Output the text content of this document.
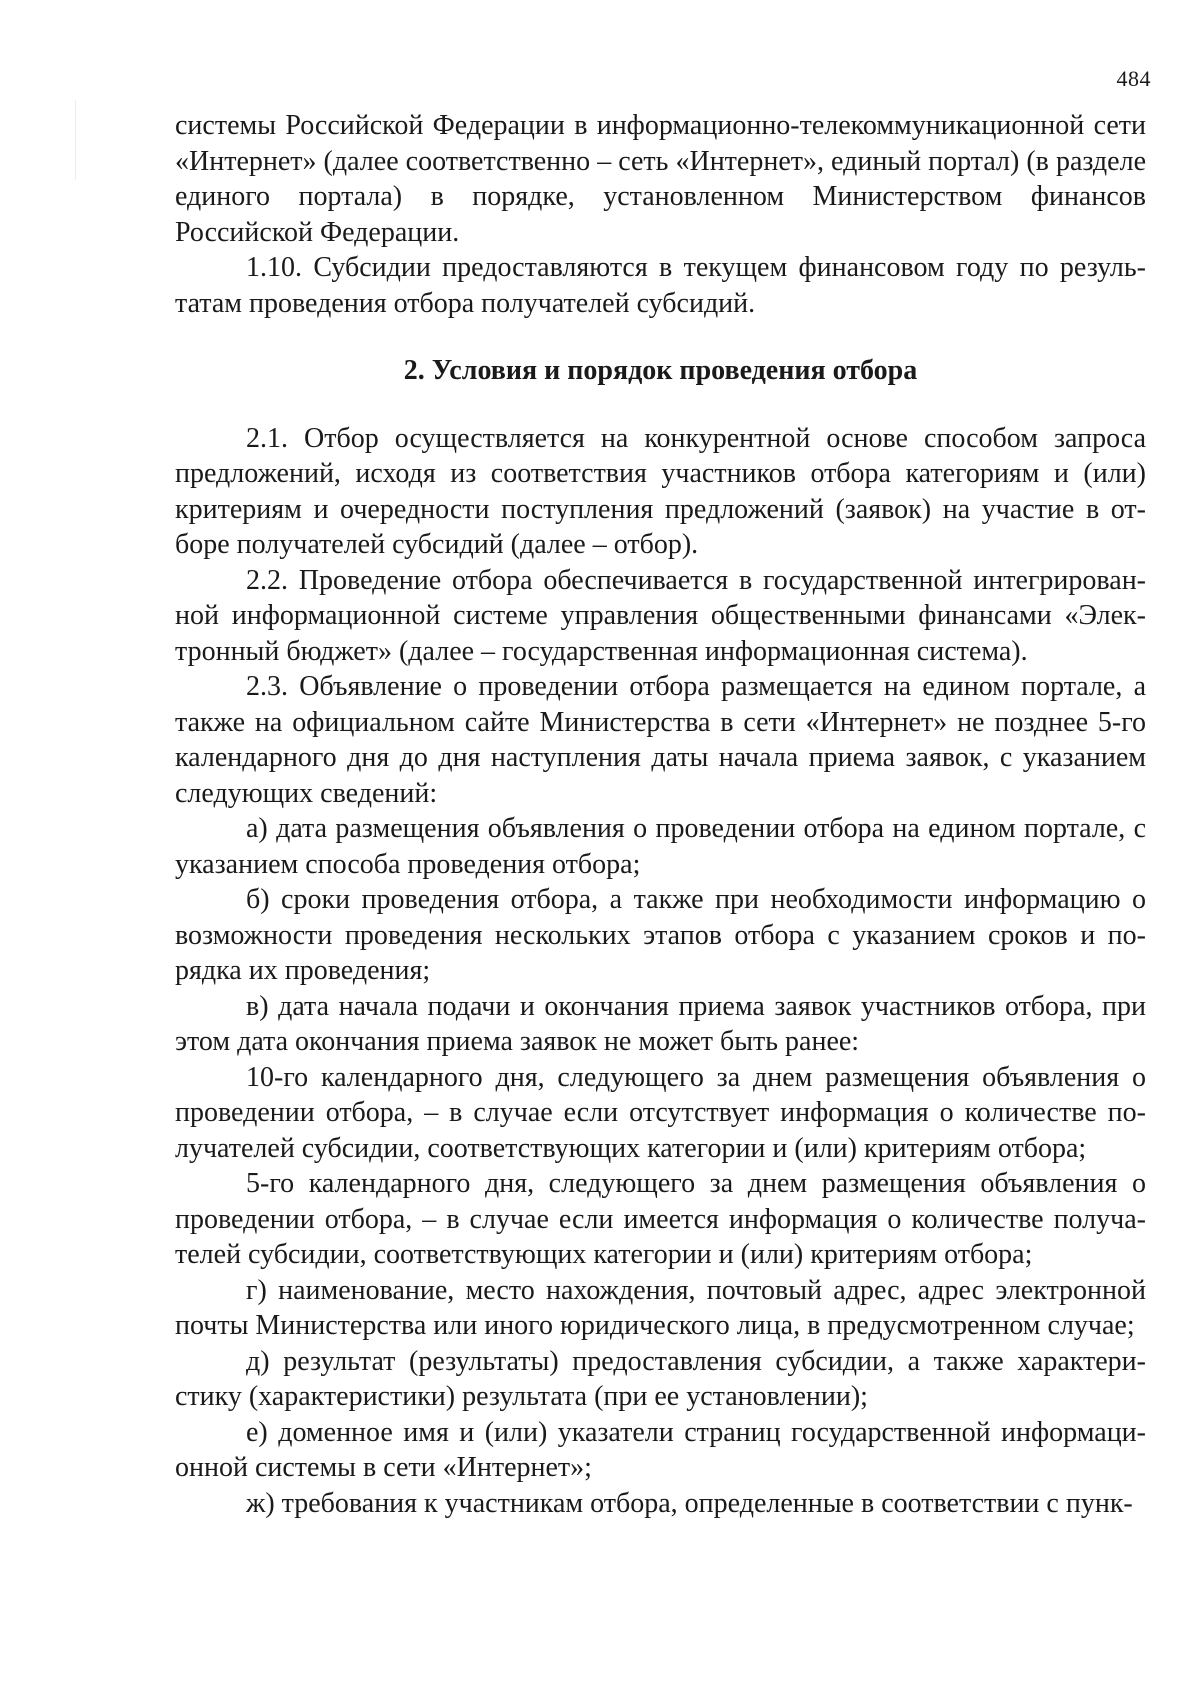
484

системы Российской Федерации в информационно-телекоммуникационной сети «Интернет» (далее соответственно – сеть «Интернет», единый портал) (в разделе единого портала) в порядке, установленном Министерством финансов Российской Федерации.

1.10. Субсидии предоставляются в текущем финансовом году по результатам проведения отбора получателей субсидий.

2. Условия и порядок проведения отбора

2.1. Отбор осуществляется на конкурентной основе способом запроса предложений, исходя из соответствия участников отбора категориям и (или) критериям и очередности поступления предложений (заявок) на участие в отборе получателей субсидий (далее – отбор).

2.2. Проведение отбора обеспечивается в государственной интегрированной информационной системе управления общественными финансами «Электронный бюджет» (далее – государственная информационная система).

2.3. Объявление о проведении отбора размещается на едином портале, а также на официальном сайте Министерства в сети «Интернет» не позднее 5-го календарного дня до дня наступления даты начала приема заявок, с указанием следующих сведений:

а) дата размещения объявления о проведении отбора на едином портале, с указанием способа проведения отбора;

б) сроки проведения отбора, а также при необходимости информацию о возможности проведения нескольких этапов отбора с указанием сроков и порядка их проведения;

в) дата начала подачи и окончания приема заявок участников отбора, при этом дата окончания приема заявок не может быть ранее:

10-го календарного дня, следующего за днем размещения объявления о проведении отбора, – в случае если отсутствует информация о количестве получателей субсидии, соответствующих категории и (или) критериям отбора;

5-го календарного дня, следующего за днем размещения объявления о проведении отбора, – в случае если имеется информация о количестве получателей субсидии, соответствующих категории и (или) критериям отбора;

г) наименование, место нахождения, почтовый адрес, адрес электронной почты Министерства или иного юридического лица, в предусмотренном случае;

д) результат (результаты) предоставления субсидии, а также характеристику (характеристики) результата (при ее установлении);

е) доменное имя и (или) указатели страниц государственной информационной системы в сети «Интернет»;

ж) требования к участникам отбора, определенные в соответствии с пунк-
